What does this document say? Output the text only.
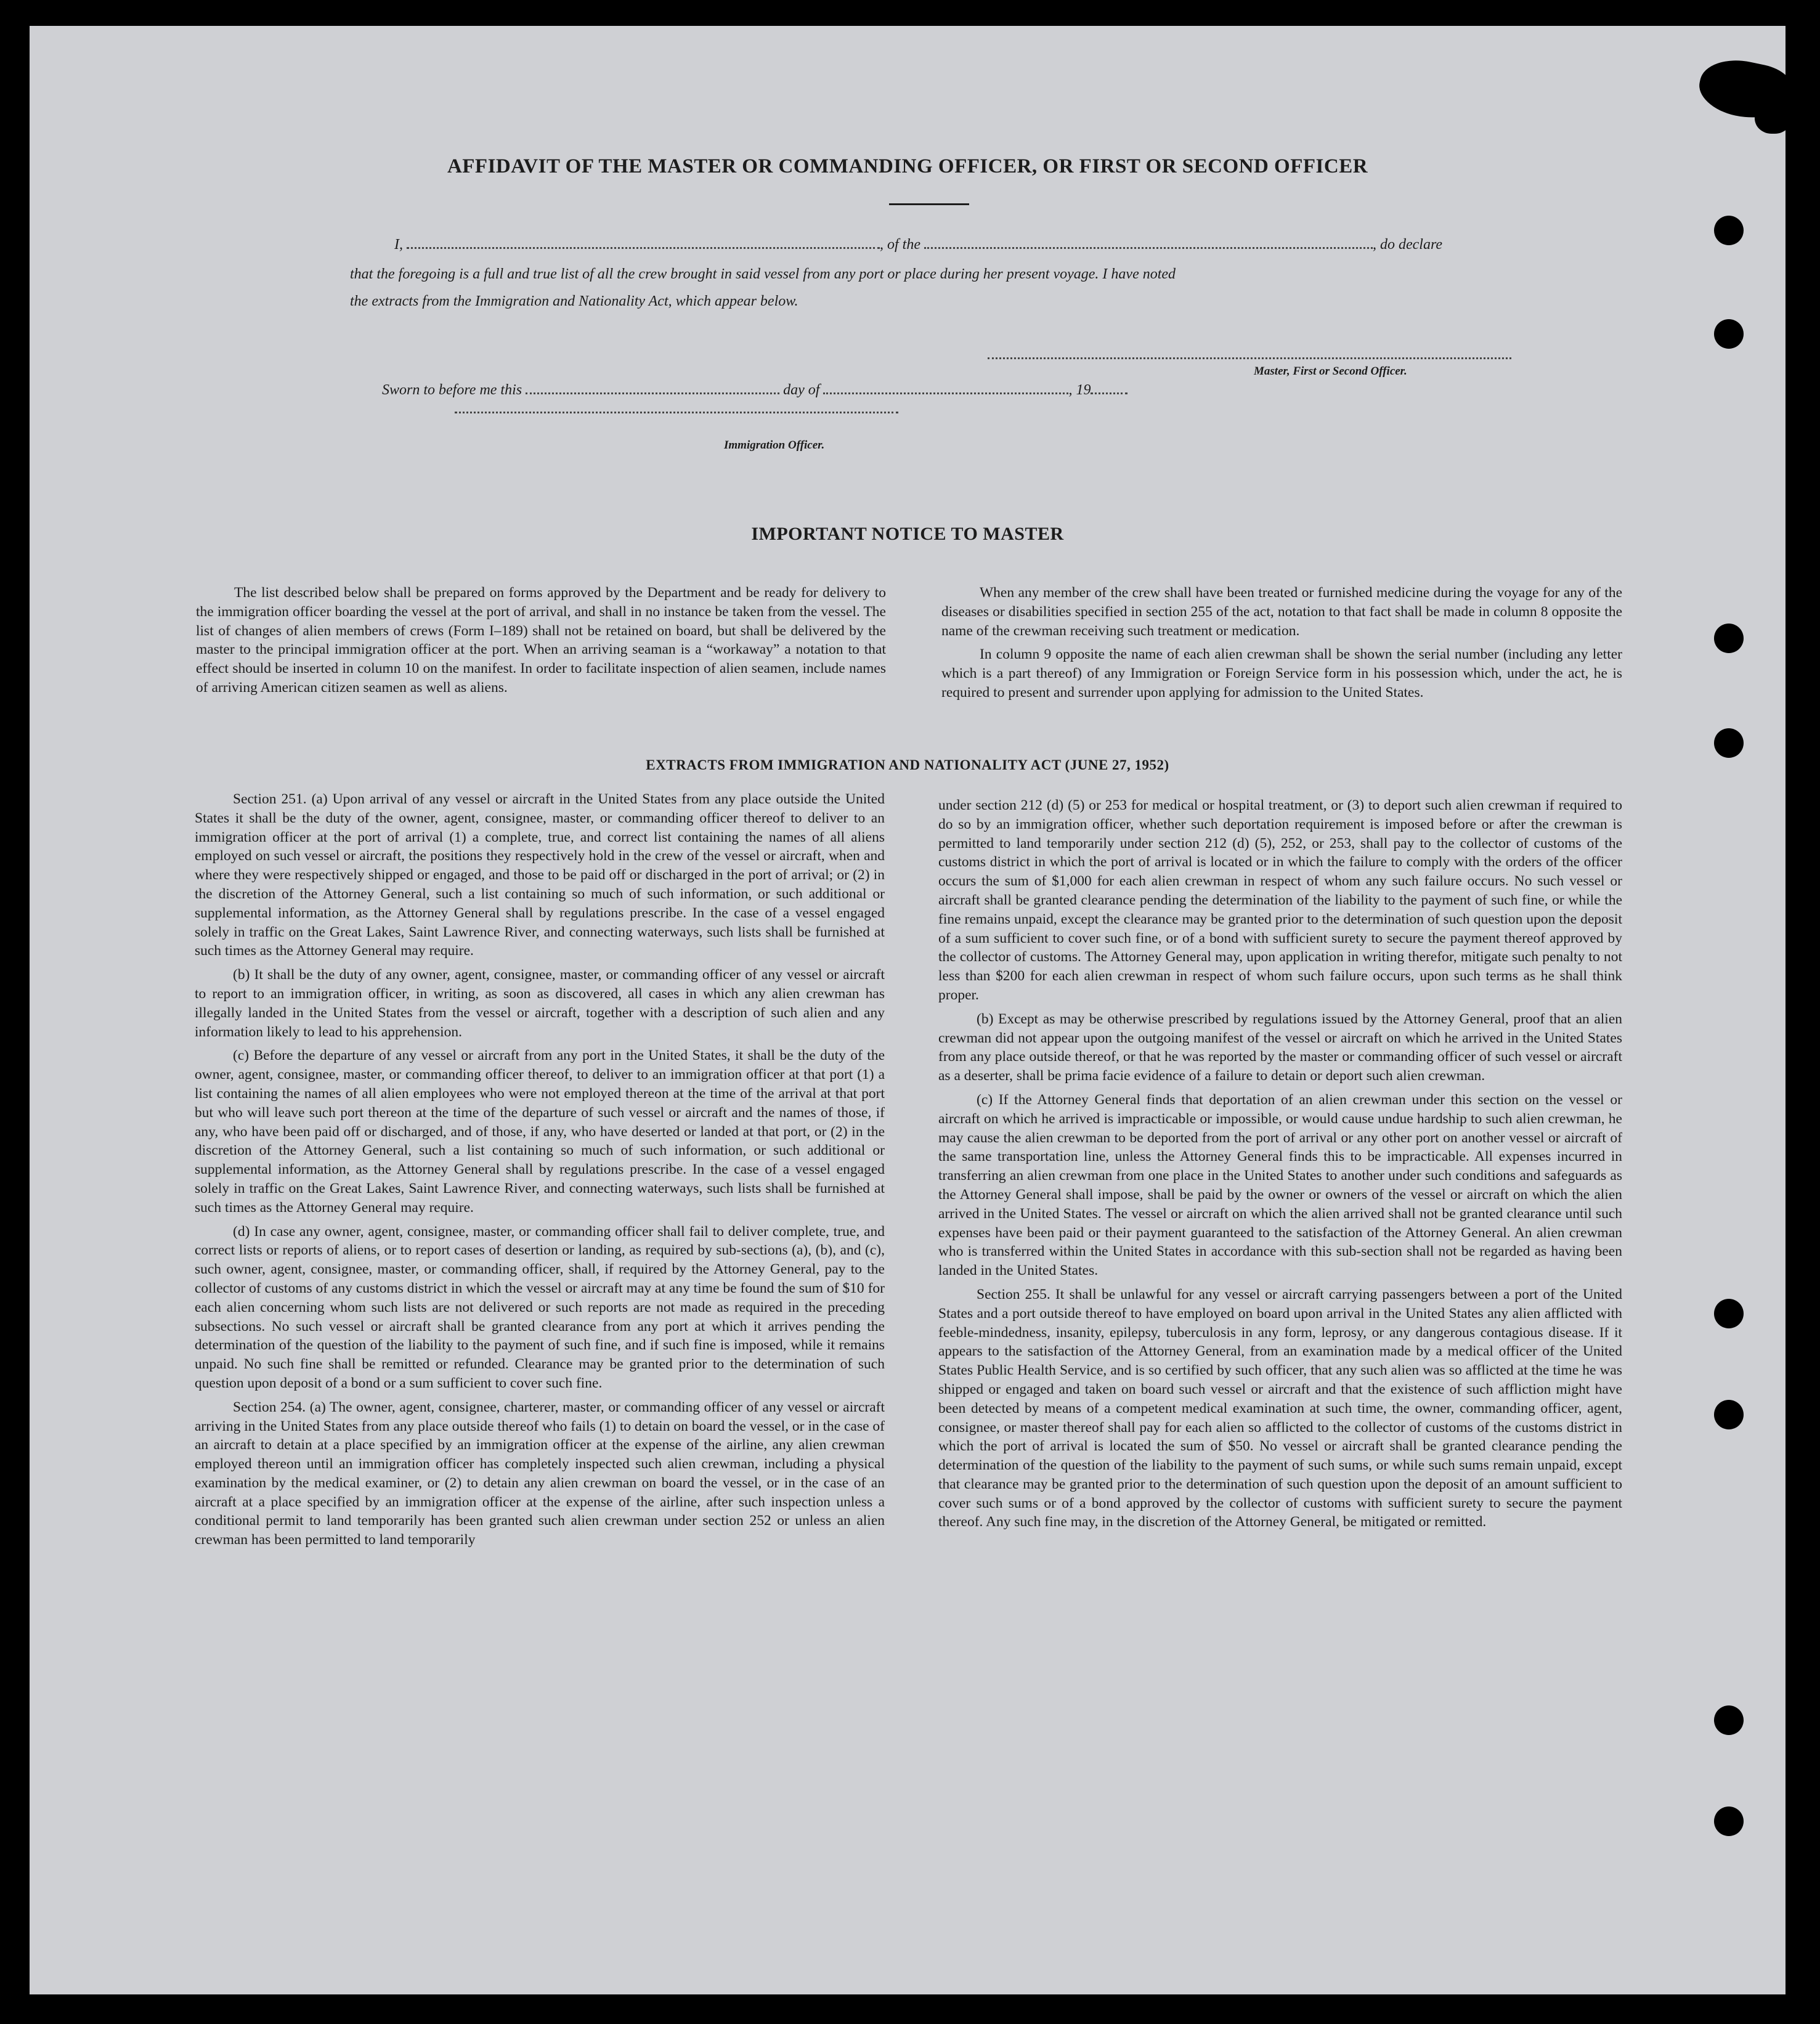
AFFIDAVIT OF THE MASTER OR COMMANDING OFFICER, OR FIRST OR SECOND OFFICER
I,	, of the	, do declare
that the foregoing is a full and true list of all the crew brought in said vessel from any port or place during her present voyage. I have noted
the extracts from the Immigration and Nationality Act, which appear below.
Master, First or Second Officer.
Sworn to before me this	day of	, 19
Immigration Officer.
IMPORTANT NOTICE TO MASTER

The list described below shall be prepared on forms approved by the Department and be ready for delivery to the immigration officer boarding the vessel at the port of arrival, and shall in no instance be taken from the vessel. The list of changes of alien members of crews (Form I–189) shall not be retained on board, but shall be delivered by the master to the principal immigration officer at the port. When an arriving seaman is a “workaway” a notation to that effect should be inserted in column 10 on the manifest. In order to facilitate inspection of alien seamen, include names of arriving American citizen seamen as well as aliens.

When any member of the crew shall have been treated or furnished medicine during the voyage for any of the diseases or disabilities specified in section 255 of the act, notation to that fact shall be made in column 8 opposite the name of the crewman receiving such treatment or medication.

In column 9 opposite the name of each alien crewman shall be shown the serial number (including any letter which is a part thereof) of any Immigration or Foreign Service form in his possession which, under the act, he is required to present and surrender upon applying for admission to the United States.

EXTRACTS FROM IMMIGRATION AND NATIONALITY ACT (JUNE 27, 1952)

Section 251. (a) Upon arrival of any vessel or aircraft in the United States from any place outside the United States it shall be the duty of the owner, agent, consignee, master, or commanding officer thereof to deliver to an immigration officer at the port of arrival (1) a complete, true, and correct list containing the names of all aliens employed on such vessel or aircraft, the positions they respectively hold in the crew of the vessel or aircraft, when and where they were respectively shipped or engaged, and those to be paid off or discharged in the port of arrival; or (2) in the discretion of the Attorney General, such a list containing so much of such information, or such additional or supplemental information, as the Attorney General shall by regulations prescribe. In the case of a vessel engaged solely in traffic on the Great Lakes, Saint Lawrence River, and connecting waterways, such lists shall be furnished at such times as the Attorney General may require.

(b) It shall be the duty of any owner, agent, consignee, master, or commanding officer of any vessel or aircraft to report to an immigration officer, in writing, as soon as discovered, all cases in which any alien crewman has illegally landed in the United States from the vessel or aircraft, together with a description of such alien and any information likely to lead to his apprehension.

(c) Before the departure of any vessel or aircraft from any port in the United States, it shall be the duty of the owner, agent, consignee, master, or commanding officer thereof, to deliver to an immigration officer at that port (1) a list containing the names of all alien employees who were not employed thereon at the time of the arrival at that port but who will leave such port thereon at the time of the departure of such vessel or aircraft and the names of those, if any, who have been paid off or discharged, and of those, if any, who have deserted or landed at that port, or (2) in the discretion of the Attorney General, such a list containing so much of such information, or such additional or supplemental information, as the Attorney General shall by regulations prescribe. In the case of a vessel engaged solely in traffic on the Great Lakes, Saint Lawrence River, and connecting waterways, such lists shall be furnished at such times as the Attorney General may require.

(d) In case any owner, agent, consignee, master, or commanding officer shall fail to deliver complete, true, and correct lists or reports of aliens, or to report cases of desertion or landing, as required by sub-sections (a), (b), and (c), such owner, agent, consignee, master, or commanding officer, shall, if required by the Attorney General, pay to the collector of customs of any customs district in which the vessel or aircraft may at any time be found the sum of $10 for each alien concerning whom such lists are not delivered or such reports are not made as required in the preceding subsections. No such vessel or aircraft shall be granted clearance from any port at which it arrives pending the determination of the question of the liability to the payment of such fine, and if such fine is imposed, while it remains unpaid. No such fine shall be remitted or refunded. Clearance may be granted prior to the determination of such question upon deposit of a bond or a sum sufficient to cover such fine.

Section 254. (a) The owner, agent, consignee, charterer, master, or commanding officer of any vessel or aircraft arriving in the United States from any place outside thereof who fails (1) to detain on board the vessel, or in the case of an aircraft to detain at a place specified by an immigration officer at the expense of the airline, any alien crewman employed thereon until an immigration officer has completely inspected such alien crewman, including a physical examination by the medical examiner, or (2) to detain any alien crewman on board the vessel, or in the case of an aircraft at a place specified by an immigration officer at the expense of the airline, after such inspection unless a conditional permit to land temporarily has been granted such alien crewman under section 252 or unless an alien crewman has been permitted to land temporarily

under section 212 (d) (5) or 253 for medical or hospital treatment, or (3) to deport such alien crewman if required to do so by an immigration officer, whether such deportation requirement is imposed before or after the crewman is permitted to land temporarily under section 212 (d) (5), 252, or 253, shall pay to the collector of customs of the customs district in which the port of arrival is located or in which the failure to comply with the orders of the officer occurs the sum of $1,000 for each alien crewman in respect of whom any such failure occurs. No such vessel or aircraft shall be granted clearance pending the determination of the liability to the payment of such fine, or while the fine remains unpaid, except the clearance may be granted prior to the determination of such question upon the deposit of a sum sufficient to cover such fine, or of a bond with sufficient surety to secure the payment thereof approved by the collector of customs. The Attorney General may, upon application in writing therefor, mitigate such penalty to not less than $200 for each alien crewman in respect of whom such failure occurs, upon such terms as he shall think proper.

(b) Except as may be otherwise prescribed by regulations issued by the Attorney General, proof that an alien crewman did not appear upon the outgoing manifest of the vessel or aircraft on which he arrived in the United States from any place outside thereof, or that he was reported by the master or commanding officer of such vessel or aircraft as a deserter, shall be prima facie evidence of a failure to detain or deport such alien crewman.

(c) If the Attorney General finds that deportation of an alien crewman under this section on the vessel or aircraft on which he arrived is impracticable or impossible, or would cause undue hardship to such alien crewman, he may cause the alien crewman to be deported from the port of arrival or any other port on another vessel or aircraft of the same transportation line, unless the Attorney General finds this to be impracticable. All expenses incurred in transferring an alien crewman from one place in the United States to another under such conditions and safeguards as the Attorney General shall impose, shall be paid by the owner or owners of the vessel or aircraft on which the alien arrived in the United States. The vessel or aircraft on which the alien arrived shall not be granted clearance until such expenses have been paid or their payment guaranteed to the satisfaction of the Attorney General. An alien crewman who is transferred within the United States in accordance with this sub-section shall not be regarded as having been landed in the United States.

Section 255. It shall be unlawful for any vessel or aircraft carrying passengers between a port of the United States and a port outside thereof to have employed on board upon arrival in the United States any alien afflicted with feeble-mindedness, insanity, epilepsy, tuberculosis in any form, leprosy, or any dangerous contagious disease. If it appears to the satisfaction of the Attorney General, from an examination made by a medical officer of the United States Public Health Service, and is so certified by such officer, that any such alien was so afflicted at the time he was shipped or engaged and taken on board such vessel or aircraft and that the existence of such affliction might have been detected by means of a competent medical examination at such time, the owner, commanding officer, agent, consignee, or master thereof shall pay for each alien so afflicted to the collector of customs of the customs district in which the port of arrival is located the sum of $50. No vessel or aircraft shall be granted clearance pending the determination of the question of the liability to the payment of such sums, or while such sums remain unpaid, except that clearance may be granted prior to the determination of such question upon the deposit of an amount sufficient to cover such sums or of a bond approved by the collector of customs with sufficient surety to secure the payment thereof. Any such fine may, in the discretion of the Attorney General, be mitigated or remitted.
